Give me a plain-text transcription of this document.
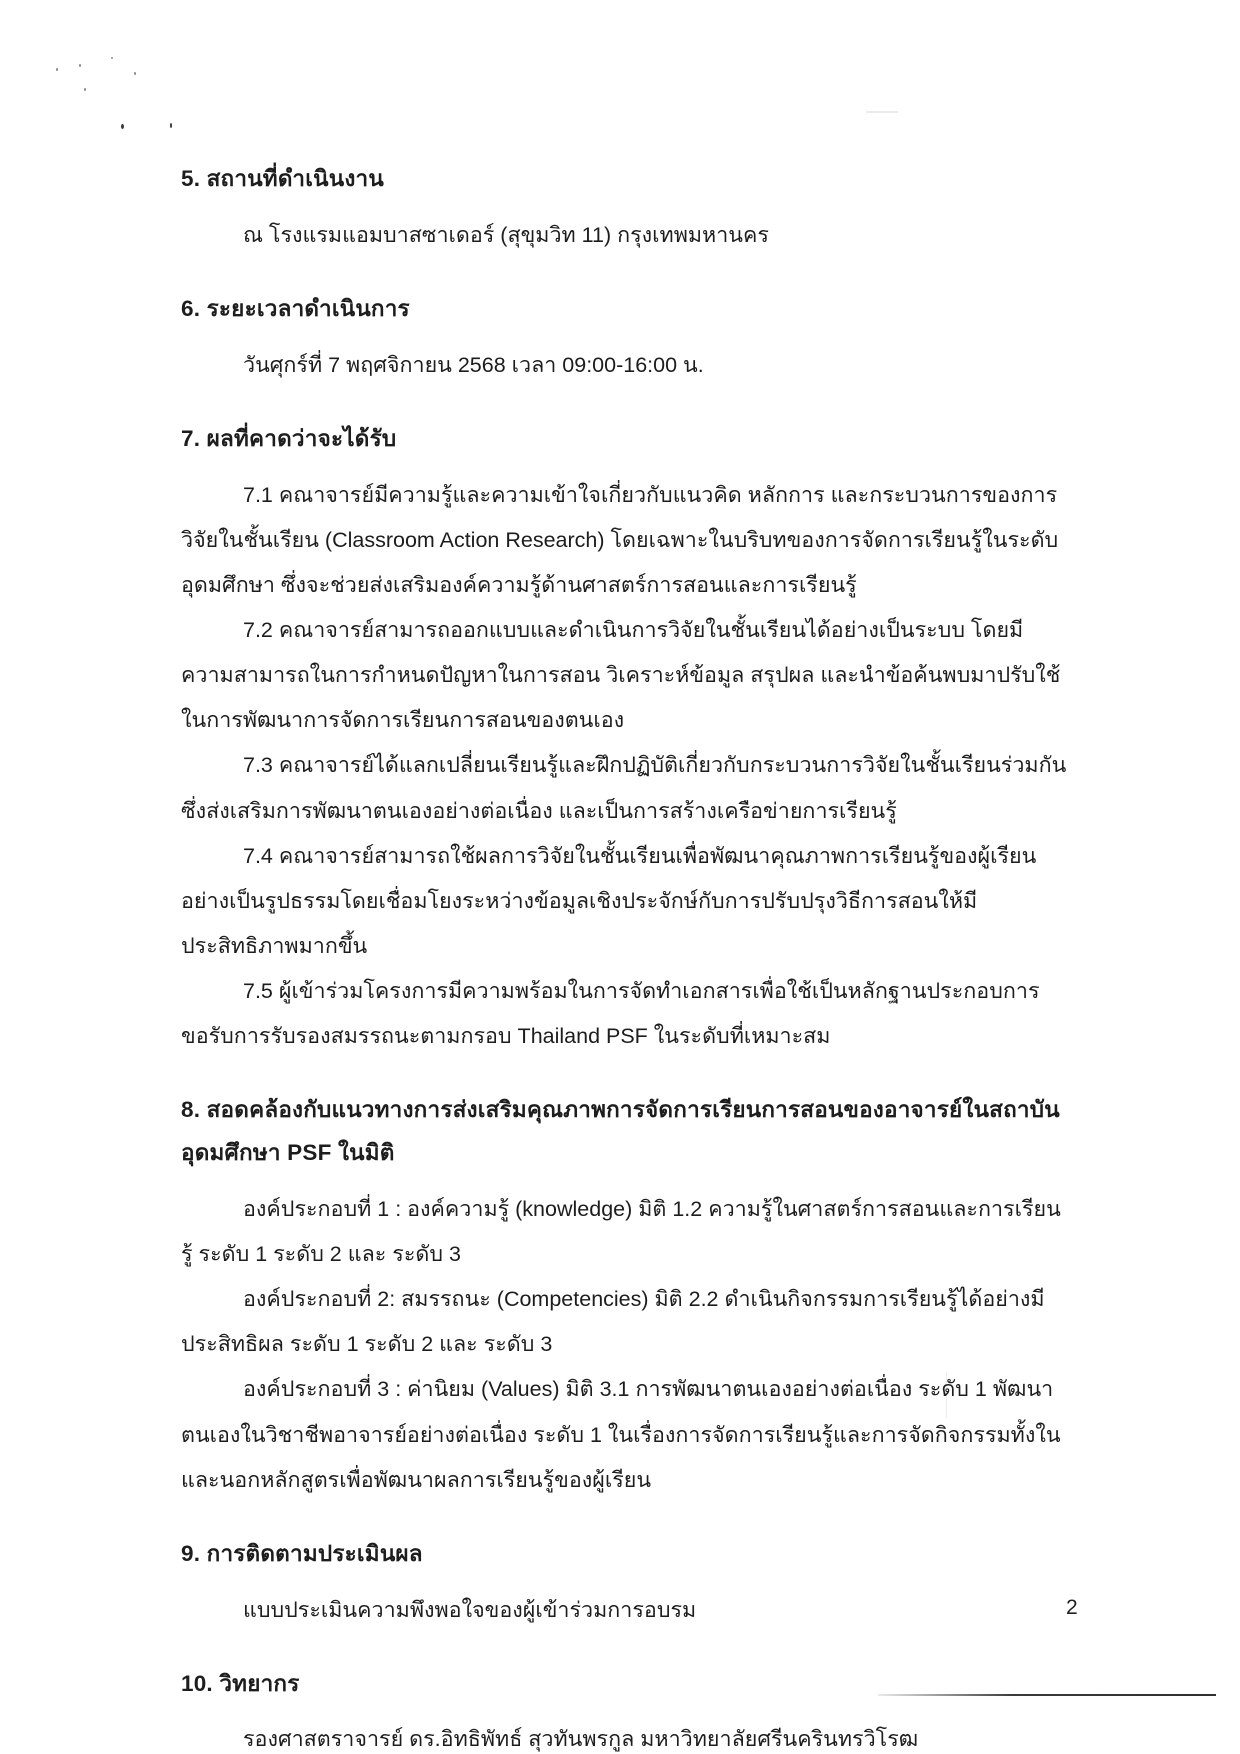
5. สถานที่ดำเนินงาน

ณ โรงแรมแอมบาสซาเดอร์ (สุขุมวิท 11) กรุงเทพมหานคร

6. ระยะเวลาดำเนินการ

วันศุกร์ที่ 7 พฤศจิกายน 2568 เวลา 09:00-16:00 น.

7. ผลที่คาดว่าจะได้รับ

7.1 คณาจารย์มีความรู้และความเข้าใจเกี่ยวกับแนวคิด หลักการ และกระบวนการของการวิจัยในชั้นเรียน (Classroom Action Research) โดยเฉพาะในบริบทของการจัดการเรียนรู้ในระดับอุดมศึกษา ซึ่งจะช่วยส่งเสริมองค์ความรู้ด้านศาสตร์การสอนและการเรียนรู้

7.2 คณาจารย์สามารถออกแบบและดำเนินการวิจัยในชั้นเรียนได้อย่างเป็นระบบ โดยมีความสามารถในการกำหนดปัญหาในการสอน วิเคราะห์ข้อมูล สรุปผล และนำข้อค้นพบมาปรับใช้ในการพัฒนาการจัดการเรียนการสอนของตนเอง

7.3 คณาจารย์ได้แลกเปลี่ยนเรียนรู้และฝึกปฏิบัติเกี่ยวกับกระบวนการวิจัยในชั้นเรียนร่วมกัน ซึ่งส่งเสริมการพัฒนาตนเองอย่างต่อเนื่อง และเป็นการสร้างเครือข่ายการเรียนรู้

7.4 คณาจารย์สามารถใช้ผลการวิจัยในชั้นเรียนเพื่อพัฒนาคุณภาพการเรียนรู้ของผู้เรียนอย่างเป็นรูปธรรมโดยเชื่อมโยงระหว่างข้อมูลเชิงประจักษ์กับการปรับปรุงวิธีการสอนให้มีประสิทธิภาพมากขึ้น

7.5 ผู้เข้าร่วมโครงการมีความพร้อมในการจัดทำเอกสารเพื่อใช้เป็นหลักฐานประกอบการขอรับการรับรองสมรรถนะตามกรอบ Thailand PSF ในระดับที่เหมาะสม

8. สอดคล้องกับแนวทางการส่งเสริมคุณภาพการจัดการเรียนการสอนของอาจารย์ในสถาบันอุดมศึกษา PSF ในมิติ

องค์ประกอบที่ 1 : องค์ความรู้ (knowledge) มิติ 1.2 ความรู้ในศาสตร์การสอนและการเรียนรู้ ระดับ 1 ระดับ 2 และ ระดับ 3

องค์ประกอบที่ 2: สมรรถนะ (Competencies) มิติ 2.2 ดำเนินกิจกรรมการเรียนรู้ได้อย่างมีประสิทธิผล ระดับ 1 ระดับ 2 และ ระดับ 3

องค์ประกอบที่ 3 : ค่านิยม (Values) มิติ 3.1 การพัฒนาตนเองอย่างต่อเนื่อง ระดับ 1 พัฒนาตนเองในวิชาชีพอาจารย์อย่างต่อเนื่อง ระดับ 1 ในเรื่องการจัดการเรียนรู้และการจัดกิจกรรมทั้งในและนอกหลักสูตรเพื่อพัฒนาผลการเรียนรู้ของผู้เรียน

9. การติดตามประเมินผล

แบบประเมินความพึงพอใจของผู้เข้าร่วมการอบรม

10. วิทยากร

รองศาสตราจารย์ ดร.อิทธิพัทธ์ สุวทันพรกูล มหาวิทยาลัยศรีนครินทรวิโรฒ

2
